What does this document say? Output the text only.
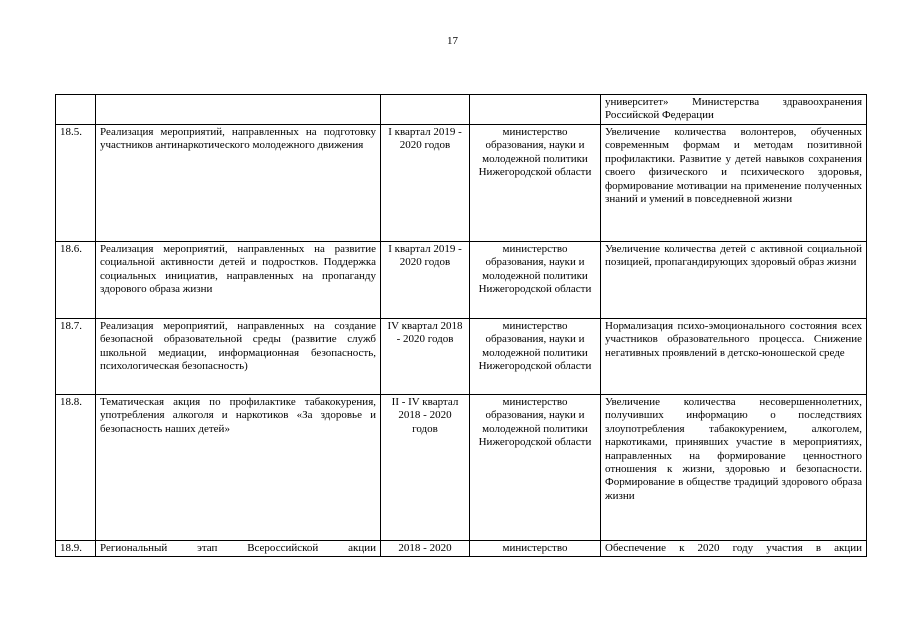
17
				университет» Министерства здравоохранения Российской Федерации
18.5.	Реализация мероприятий, направленных на подготовку участников антинаркотического молодежного движения	I квартал 2019 - 2020 годов	министерство образования, науки и молодежной политики Нижегородской области	Увеличение количества волонтеров, обученных современным формам и методам позитивной профилактики. Развитие у детей навыков сохранения своего физического и психического здоровья, формирование мотивации на применение полученных знаний и умений в повседневной жизни
18.6.	Реализация мероприятий, направленных на развитие социальной активности детей и подростков. Поддержка социальных инициатив, направленных на пропаганду здорового образа жизни	I квартал 2019 - 2020 годов	министерство образования, науки и молодежной политики Нижегородской области	Увеличение количества детей с активной социальной позицией, пропагандирующих здоровый образ жизни
18.7.	Реализация мероприятий, направленных на создание безопасной образовательной среды (развитие служб школьной медиации, информационная безопасность, психологическая безопасность)	IV квартал 2018 - 2020 годов	министерство образования, науки и молодежной политики Нижегородской области	Нормализация психо-эмоционального состояния всех участников образовательного процесса. Снижение негативных проявлений в детско-юношеской среде
18.8.	Тематическая акция по профилактике табакокурения, употребления алкоголя и наркотиков «За здоровье и безопасность наших детей»	II - IV квартал 2018 - 2020 годов	министерство образования, науки и молодежной политики Нижегородской области	Увеличение количества несовершеннолетних, получивших информацию о последствиях злоупотребления табакокурением, алкоголем, наркотиками, принявших участие в мероприятиях, направленных на формирование ценностного отношения к жизни, здоровью и безопасности. Формирование в обществе традиций здорового образа жизни
18.9.	Региональный этап Всероссийской акции	2018 - 2020	министерство	Обеспечение к 2020 году участия в акции
